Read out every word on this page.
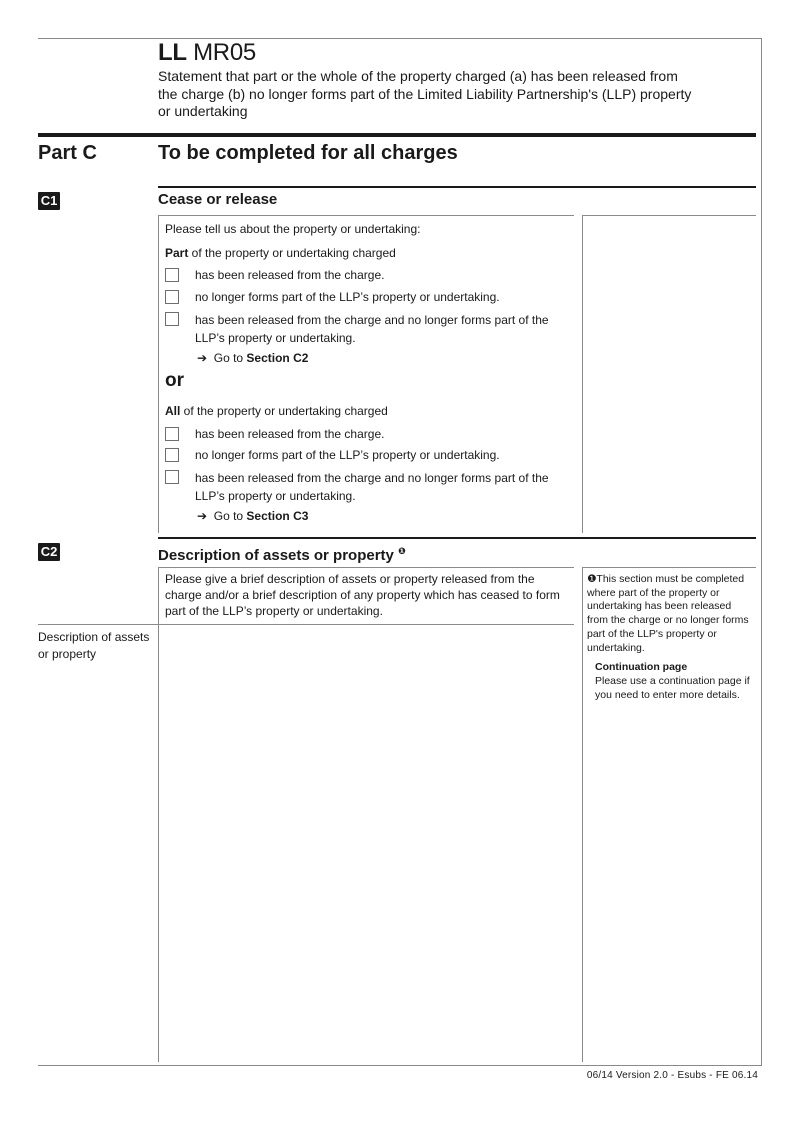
LL MR05
Statement that part or the whole of the property charged (a) has been released from the charge (b) no longer forms part of the Limited Liability Partnership's (LLP) property or undertaking
Part C	To be completed for all charges
C1	Cease or release
Please tell us about the property or undertaking:
Part of the property or undertaking charged
has been released from the charge.
no longer forms part of the LLP’s property or undertaking.
has been released from the charge and no longer forms part of the LLP’s property or undertaking.
➔ Go to Section C2
or
All of the property or undertaking charged
has been released from the charge.
no longer forms part of the LLP’s property or undertaking.
has been released from the charge and no longer forms part of the LLP’s property or undertaking.
➔ Go to Section C3
C2	Description of assets or property $^❶$
Please give a brief description of assets or property released from the charge and/or a brief description of any property which has ceased to form part of the LLP’s property or undertaking.
Description of assets or property
❶This section must be completed where part of the property or undertaking has been released from the charge or no longer forms part of the LLP's property or undertaking.
Continuation page
Please use a continuation page if you need to enter more details.
06/14 Version 2.0 - Esubs - FE 06.14
